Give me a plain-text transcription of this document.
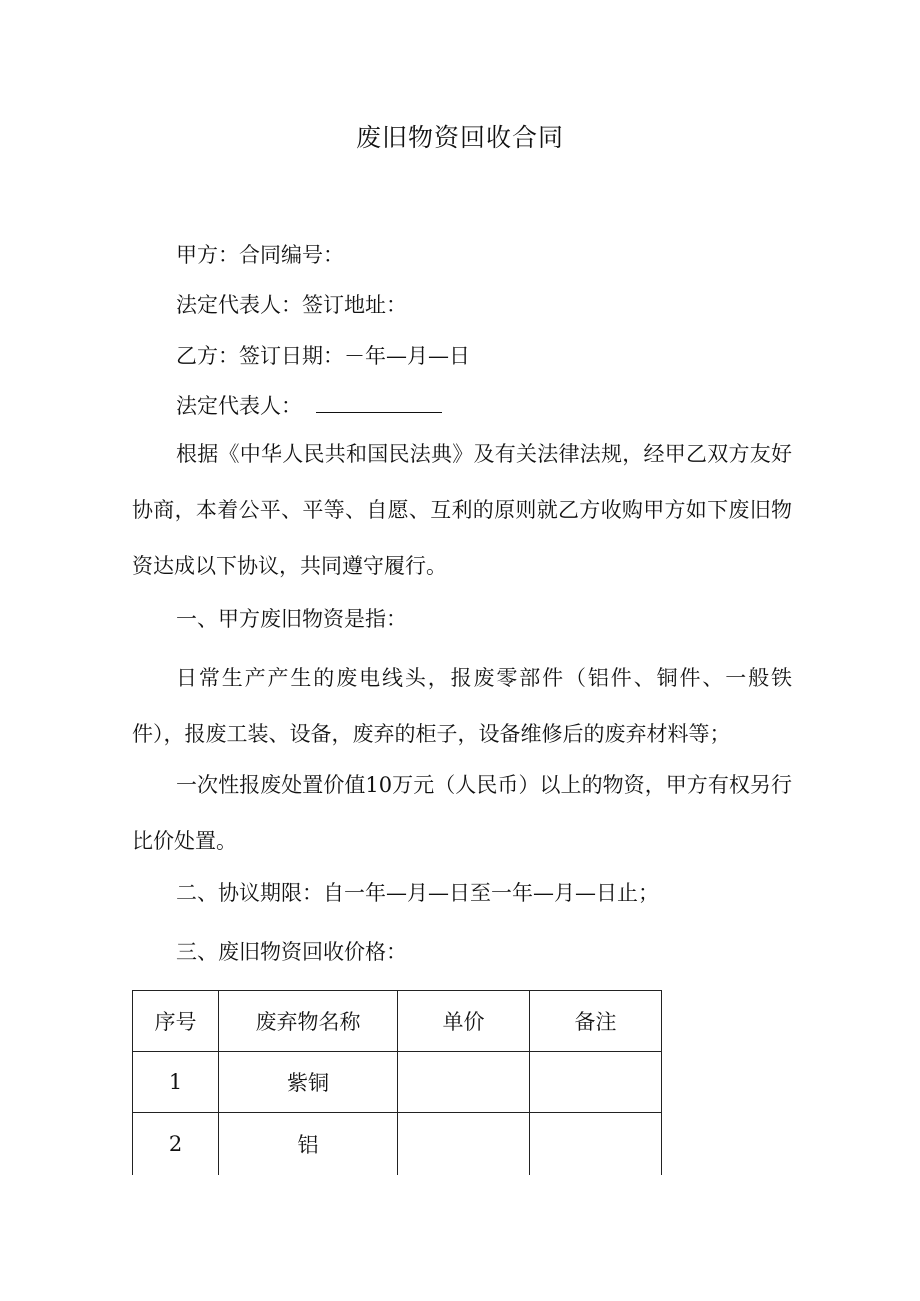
废旧物资回收合同
甲方：合同编号：
法定代表人：签订地址：
乙方：签订日期：－年—月—日
法定代表人：
根据《中华人民共和国民法典》及有关法律法规，经甲乙双方友好协商，本着公平、平等、自愿、互利的原则就乙方收购甲方如下废旧物资达成以下协议，共同遵守履行。
一、甲方废旧物资是指：
日常生产产生的废电线头，报废零部件（铝件、铜件、一般铁件），报废工装、设备，废弃的柜子，设备维修后的废弃材料等；
一次性报废处置价值10万元（人民币）以上的物资，甲方有权另行比价处置。
二、协议期限：自一年—月—日至一年—月—日止；
三、废旧物资回收价格：
序号	废弃物名称	单价	备注
1	紫铜		
2	铝		
